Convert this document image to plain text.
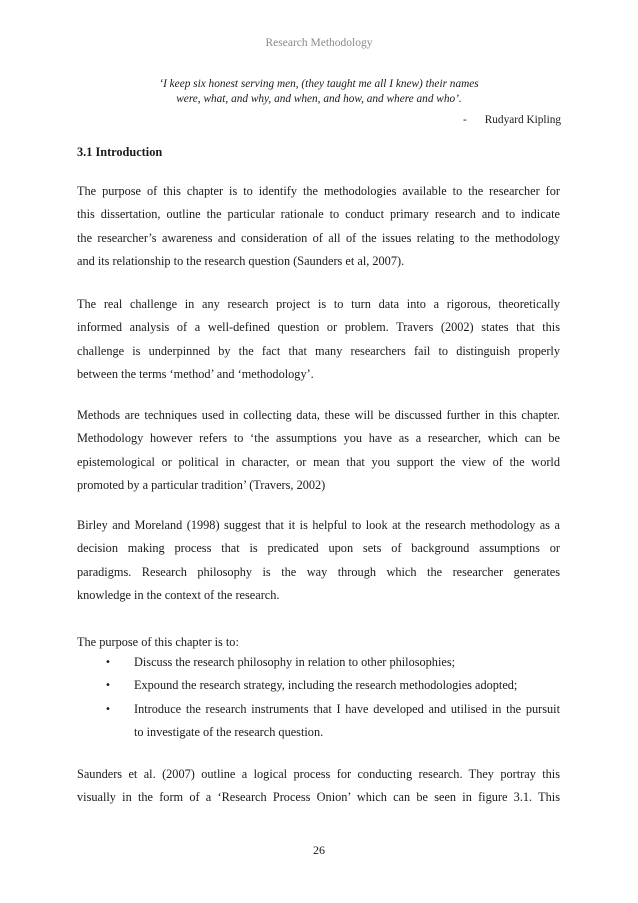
Research Methodology
‘I keep six honest serving men, (they taught me all I knew) their names
were, what, and why, and when, and how, and where and who’.
- Rudyard Kipling
3.1 Introduction

The purpose of this chapter is to identify the methodologies available to the researcher for
this dissertation, outline the particular rationale to conduct primary research and to indicate
the researcher’s awareness and consideration of all of the issues relating to the methodology
and its relationship to the research question (Saunders et al, 2007).

The real challenge in any research project is to turn data into a rigorous, theoretically
informed analysis of a well-defined question or problem. Travers (2002) states that this
challenge is underpinned by the fact that many researchers fail to distinguish properly
between the terms ‘method’ and ‘methodology’.

Methods are techniques used in collecting data, these will be discussed further in this chapter.
Methodology however refers to ‘the assumptions you have as a researcher, which can be
epistemological or political in character, or mean that you support the view of the world
promoted by a particular tradition’ (Travers, 2002)

Birley and Moreland (1998) suggest that it is helpful to look at the research methodology as a
decision making process that is predicated upon sets of background assumptions or
paradigms. Research philosophy is the way through which the researcher generates
knowledge in the context of the research.

The purpose of this chapter is to:

• Discuss the research philosophy in relation to other philosophies;
• Expound the research strategy, including the research methodologies adopted;
• Introduce the research instruments that I have developed and utilised in the pursuit
to investigate of the research question.

Saunders et al. (2007) outline a logical process for conducting research. They portray this
visually in the form of a ‘Research Process Onion’ which can be seen in figure 3.1. This

26
